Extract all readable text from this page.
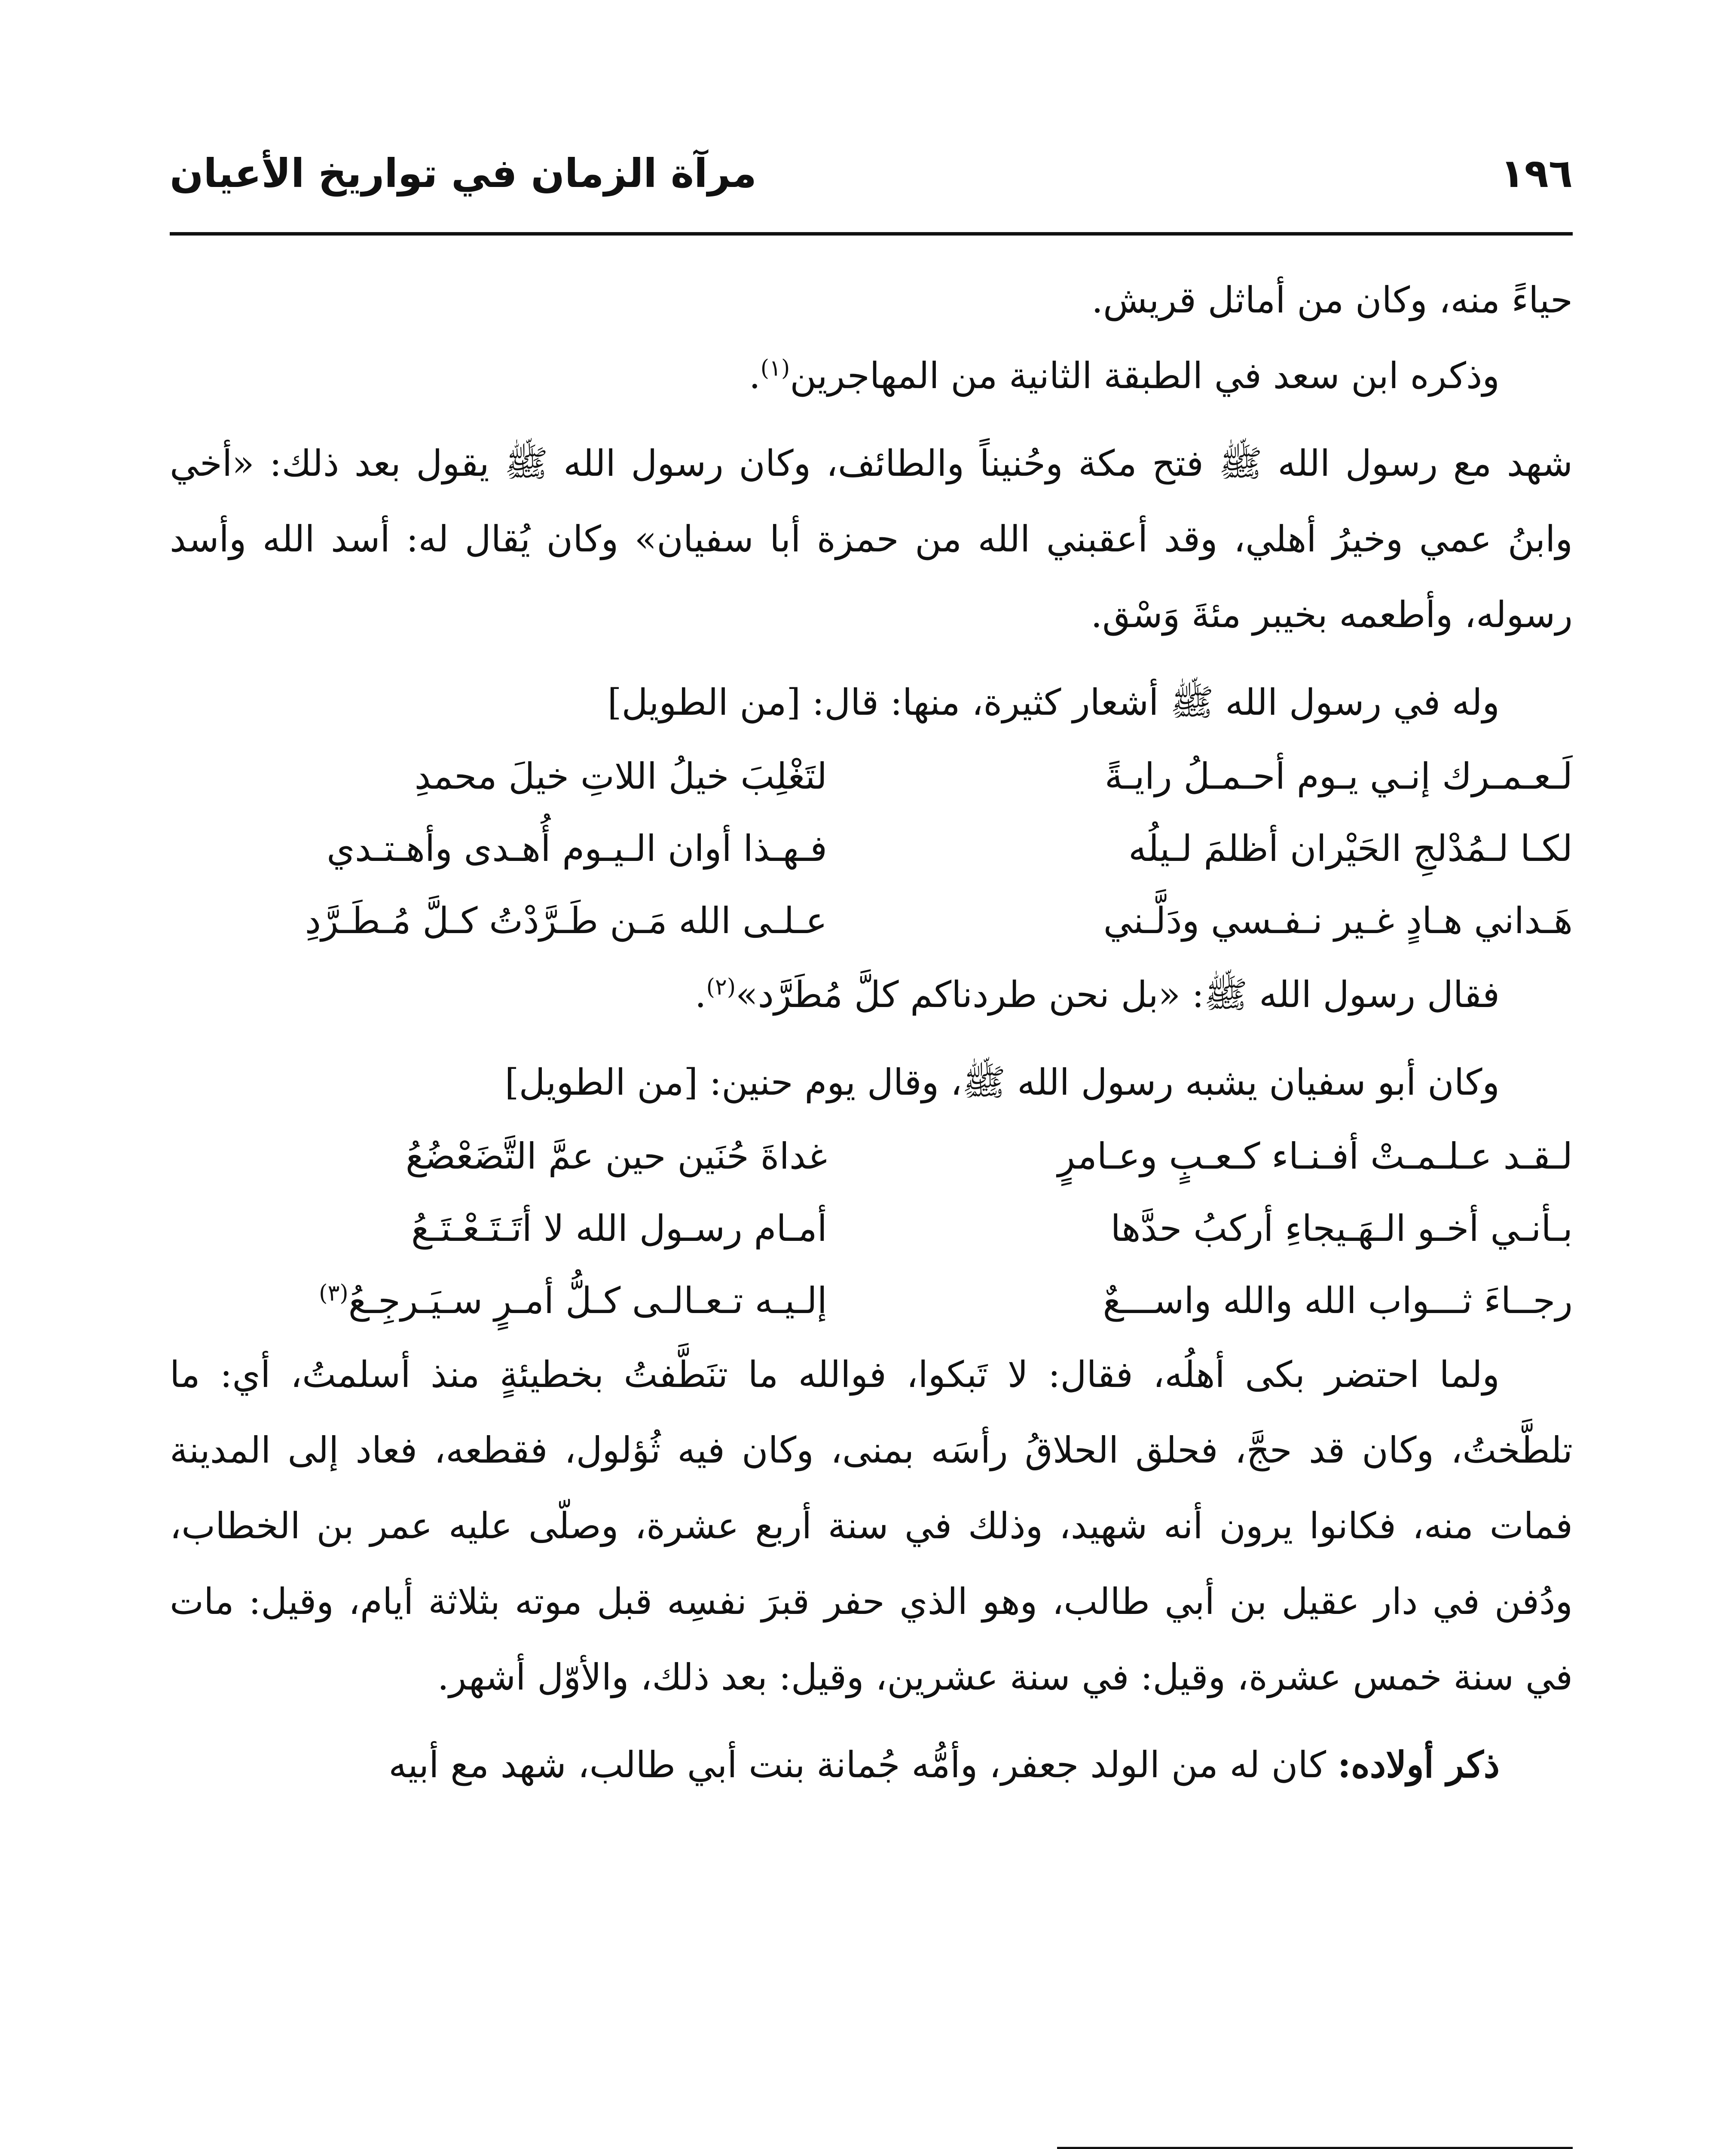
١٩٦
مرآة الزمان في تواريخ الأعيان

حياءً منه، وكان من أماثل قريش.

وذكره ابن سعد في الطبقة الثانية من المهاجرين$^{(١)}$.

شهد مع رسول الله ﷺ فتح مكة وحُنيناً والطائف، وكان رسول الله ﷺ يقول بعد ذلك: «أخي وابنُ عمي وخيرُ أهلي، وقد أعقبني الله من حمزة أبا سفيان» وكان يُقال له: أسد الله وأسد رسوله، وأطعمه بخيبر مئةَ وَسْق.

وله في رسول الله ﷺ أشعار كثيرة، منها: قال: [من الطويل]

لَـعـمـرك إنـي يـوم أحـمـلُ رايـةً
لتَغْلِبَ خيلُ اللاتِ خيلَ محمدِ
لكـا لـمُدْلجِ الحَيْران أظلمَ لـيلُه
فـهـذا أوان الـيـوم أُهـدى وأهـتـدي
هَـداني هـادٍ غـير نـفـسي ودَلَّـني
عـلـى الله مَـن طَـرَّدْتُ كـلَّ مُـطَـرَّدِ

فقال رسول الله ﷺ: «بل نحن طردناكم كلَّ مُطَرَّد»$^{(٢)}$.

وكان أبو سفيان يشبه رسول الله ﷺ، وقال يوم حنين: [من الطويل]

لـقـد عـلـمـتْ أفـنـاء كـعـبٍ وعـامرٍ
غداةَ حُنَين حين عمَّ التَّضَعْضُعُ
بـأنـي أخـو الـهَـيجاءِ أركبُ حدَّها
أمـام رسـول الله لا أتَـتَـعْـتَـعُ
رجــاءَ ثـــواب الله والله واســـعٌ
إلـيـه تـعـالـى كـلُّ أمـرٍ سـيَـرجِـعُ$^{(٣)}$

ولما احتضر بكى أهلُه، فقال: لا تَبكوا، فوالله ما تنَطَّفتُ بخطيئةٍ منذ أسلمتُ، أي: ما تلطَّختُ، وكان قد حجَّ، فحلق الحلاقُ رأسَه بمنى، وكان فيه ثُؤلول، فقطعه، فعاد إلى المدينة فمات منه، فكانوا يرون أنه شهيد، وذلك في سنة أربع عشرة، وصلّى عليه عمر بن الخطاب، ودُفن في دار عقيل بن أبي طالب، وهو الذي حفر قبرَ نفسِه قبل موته بثلاثة أيام، وقيل: مات في سنة خمس عشرة، وقيل: في سنة عشرين، وقيل: بعد ذلك، والأوّل أشهر.

ذكر أولاده: كان له من الولد جعفر، وأمُّه جُمانة بنت أبي طالب، شهد مع أبيه
